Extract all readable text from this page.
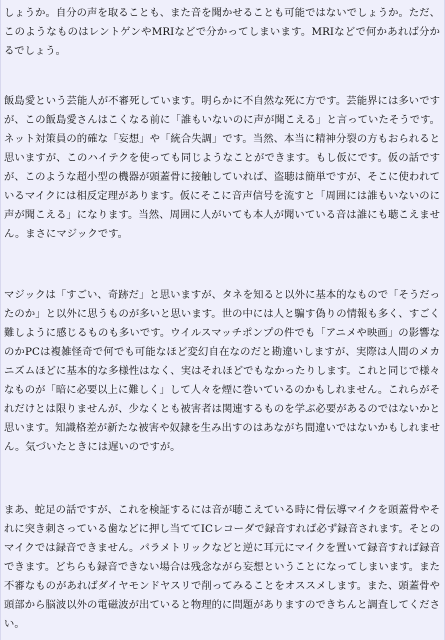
しょうか。自分の声を取ることも、また音を聞かせることも可能ではないでしょうか。ただ、このようなものはレントゲンやMRIなどで分かってしまいます。MRIなどで何かあれば分かるでしょう。

飯島愛という芸能人が不審死しています。明らかに不自然な死に方です。芸能界には多いですが、この飯島愛さんはこくなる前に「誰もいないのに声が聞こえる」と言っていたそうです。ネット対策員の的確な「妄想」や「統合失調」です。当然、本当に精神分裂の方もおられると思いますが、このハイテクを使っても同じようなことができます。もし仮にです。仮の話ですが、このような超小型の機器が頭蓋骨に接触していれば、盗聴は簡単ですが、そこに使われているマイクには相反定理があります。仮にそこに音声信号を流すと「周囲には誰もいないのに声が聞こえる」になります。当然、周囲に人がいても本人が聞いている音は誰にも聴こえません。まさにマジックです。

マジックは「すごい、奇跡だ」と思いますが、タネを知ると以外に基本的なもので「そうだったのか」と以外に思うものが多いと思います。世の中には人と騙す偽りの情報も多く、すごく難しように感じるものも多いです。ウイルスマッチポンプの件でも「アニメや映画」の影響なのかPCは複雑怪奇で何でも可能なほど変幻自在なのだと勘違いしますが、実際は人間のメカニズムほどに基本的な多様性はなく、実はそれほどでもなかったりします。これと同じで様々なものが「暗に必要以上に難しく」して人々を煙に巻いているのかもしれません。これらがそれだけとは限りませんが、少なくとも被害者は関連するものを学ぶ必要があるのではないかと思います。知識格差が新たな被害や奴隷を生み出すのはあながち間違いではないかもしれません。気づいたときには遅いのですが。

まあ、蛇足の話ですが、これを検証するには音が聴こえている時に骨伝導マイクを頭蓋骨やそれに突き刺さっている歯などに押し当ててICレコーダで録音すれば必ず録音されます。そとのマイクでは録音できません。パラメトリックなどと逆に耳元にマイクを置いて録音すれば録音できます。どちらも録音できない場合は残念ながら妄想ということになってしまいます。また不審なものがあればダイヤモンドヤスリで削ってみることをオススメします。また、頭蓋骨や頭部から脳波以外の電磁波が出ていると物理的に問題がありますのできちんと調査してください。
